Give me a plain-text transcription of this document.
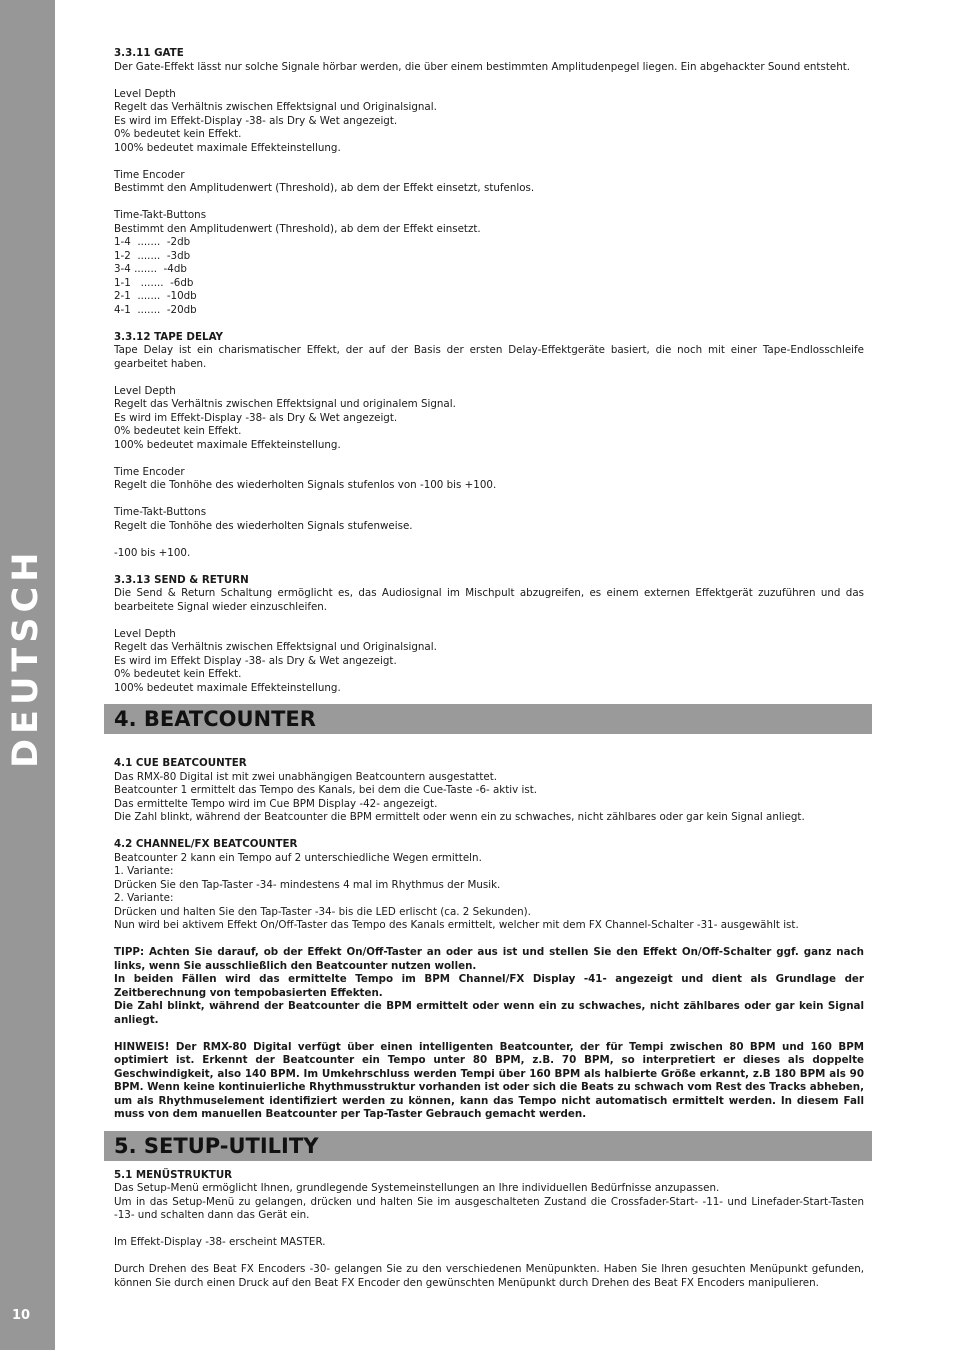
DEUTSCH
10

3.3.11 GATE
Der Gate-Effekt lässt nur solche Signale hörbar werden, die über einem bestimmten Amplitudenpegel liegen. Ein abgehackter Sound entsteht.

Level Depth
Regelt das Verhältnis zwischen Effektsignal und Originalsignal.
Es wird im Effekt-Display -38- als Dry & Wet angezeigt.
0% bedeutet kein Effekt.
100% bedeutet maximale Effekteinstellung.

Time Encoder
Bestimmt den Amplitudenwert (Threshold), ab dem der Effekt einsetzt, stufenlos.

Time-Takt-Buttons
Bestimmt den Amplitudenwert (Threshold), ab dem der Effekt einsetzt.
1-4  .......  -2db
1-2  .......  -3db
3-4 .......  -4db
1-1   .......  -6db
2-1  .......  -10db
4-1  .......  -20db

3.3.12 TAPE DELAY
Tape Delay ist ein charismatischer Effekt, der auf der Basis der ersten Delay-Effektgeräte basiert, die noch mit einer Tape-Endlosschleife gearbeitet haben.

Level Depth
Regelt das Verhältnis zwischen Effektsignal und originalem Signal.
Es wird im Effekt-Display -38- als Dry & Wet angezeigt.
0% bedeutet kein Effekt.
100% bedeutet maximale Effekteinstellung.

Time Encoder
Regelt die Tonhöhe des wiederholten Signals stufenlos von -100 bis +100.

Time-Takt-Buttons
Regelt die Tonhöhe des wiederholten Signals stufenweise.

-100 bis +100.

3.3.13 SEND & RETURN
Die Send & Return Schaltung ermöglicht es, das Audiosignal im Mischpult abzugreifen, es einem externen Effektgerät zuzuführen und das bearbeitete Signal wieder einzuschleifen.

Level Depth
Regelt das Verhältnis zwischen Effektsignal und Originalsignal.
Es wird im Effekt Display -38- als Dry & Wet angezeigt.
0% bedeutet kein Effekt.
100% bedeutet maximale Effekteinstellung.

4. BEATCOUNTER

4.1 CUE BEATCOUNTER
Das RMX-80 Digital ist mit zwei unabhängigen Beatcountern ausgestattet.
Beatcounter 1 ermittelt das Tempo des Kanals, bei dem die Cue-Taste -6- aktiv ist.
Das ermittelte Tempo wird im Cue BPM Display -42- angezeigt.
Die Zahl blinkt, während der Beatcounter die BPM ermittelt oder wenn ein zu schwaches, nicht zählbares oder gar kein Signal anliegt.

4.2 CHANNEL/FX BEATCOUNTER
Beatcounter 2 kann ein Tempo auf 2 unterschiedliche Wegen ermitteln.
1. Variante:
Drücken Sie den Tap-Taster -34- mindestens 4 mal im Rhythmus der Musik.
2. Variante:
Drücken und halten Sie den Tap-Taster -34- bis die LED erlischt (ca. 2 Sekunden).
Nun wird bei aktivem Effekt On/Off-Taster das Tempo des Kanals ermittelt, welcher mit dem FX Channel-Schalter -31- ausgewählt ist.

TIPP: Achten Sie darauf, ob der Effekt On/Off-Taster an oder aus ist und stellen Sie den Effekt On/Off-Schalter ggf. ganz nach links, wenn Sie ausschließlich den Beatcounter nutzen wollen.
In beiden Fällen wird das ermittelte Tempo im BPM Channel/FX Display -41- angezeigt und dient als Grundlage der Zeitberechnung von tempobasierten Effekten.
Die Zahl blinkt, während der Beatcounter die BPM ermittelt oder wenn ein zu schwaches, nicht zählbares oder gar kein Signal anliegt.

HINWEIS! Der RMX-80 Digital verfügt über einen intelligenten Beatcounter, der für Tempi zwischen 80 BPM und 160 BPM optimiert ist. Erkennt der Beatcounter ein Tempo unter 80 BPM, z.B. 70 BPM, so interpretiert er dieses als doppelte Geschwindigkeit, also 140 BPM. Im Umkehrschluss werden Tempi über 160 BPM als halbierte Größe erkannt, z.B 180 BPM als 90 BPM. Wenn keine kontinuierliche Rhythmusstruktur vorhanden ist oder sich die Beats zu schwach vom Rest des Tracks abheben, um als Rhythmuselement identifiziert werden zu können, kann das Tempo nicht automatisch ermittelt werden. In diesem Fall muss von dem manuellen Beatcounter per Tap-Taster Gebrauch gemacht werden.

5. SETUP-UTILITY

5.1 MENÜSTRUKTUR
Das Setup-Menü ermöglicht Ihnen, grundlegende Systemeinstellungen an Ihre individuellen Bedürfnisse anzupassen.
Um in das Setup-Menü zu gelangen, drücken und halten Sie im ausgeschalteten Zustand die Crossfader-Start- -11- und Linefader-Start-Tasten -13- und schalten dann das Gerät ein.

Im Effekt-Display -38- erscheint MASTER.

Durch Drehen des Beat FX Encoders -30- gelangen Sie zu den verschiedenen Menüpunkten. Haben Sie Ihren gesuchten Menüpunkt gefunden, können Sie durch einen Druck auf den Beat FX Encoder den gewünschten Menüpunkt durch Drehen des Beat FX Encoders manipulieren.
